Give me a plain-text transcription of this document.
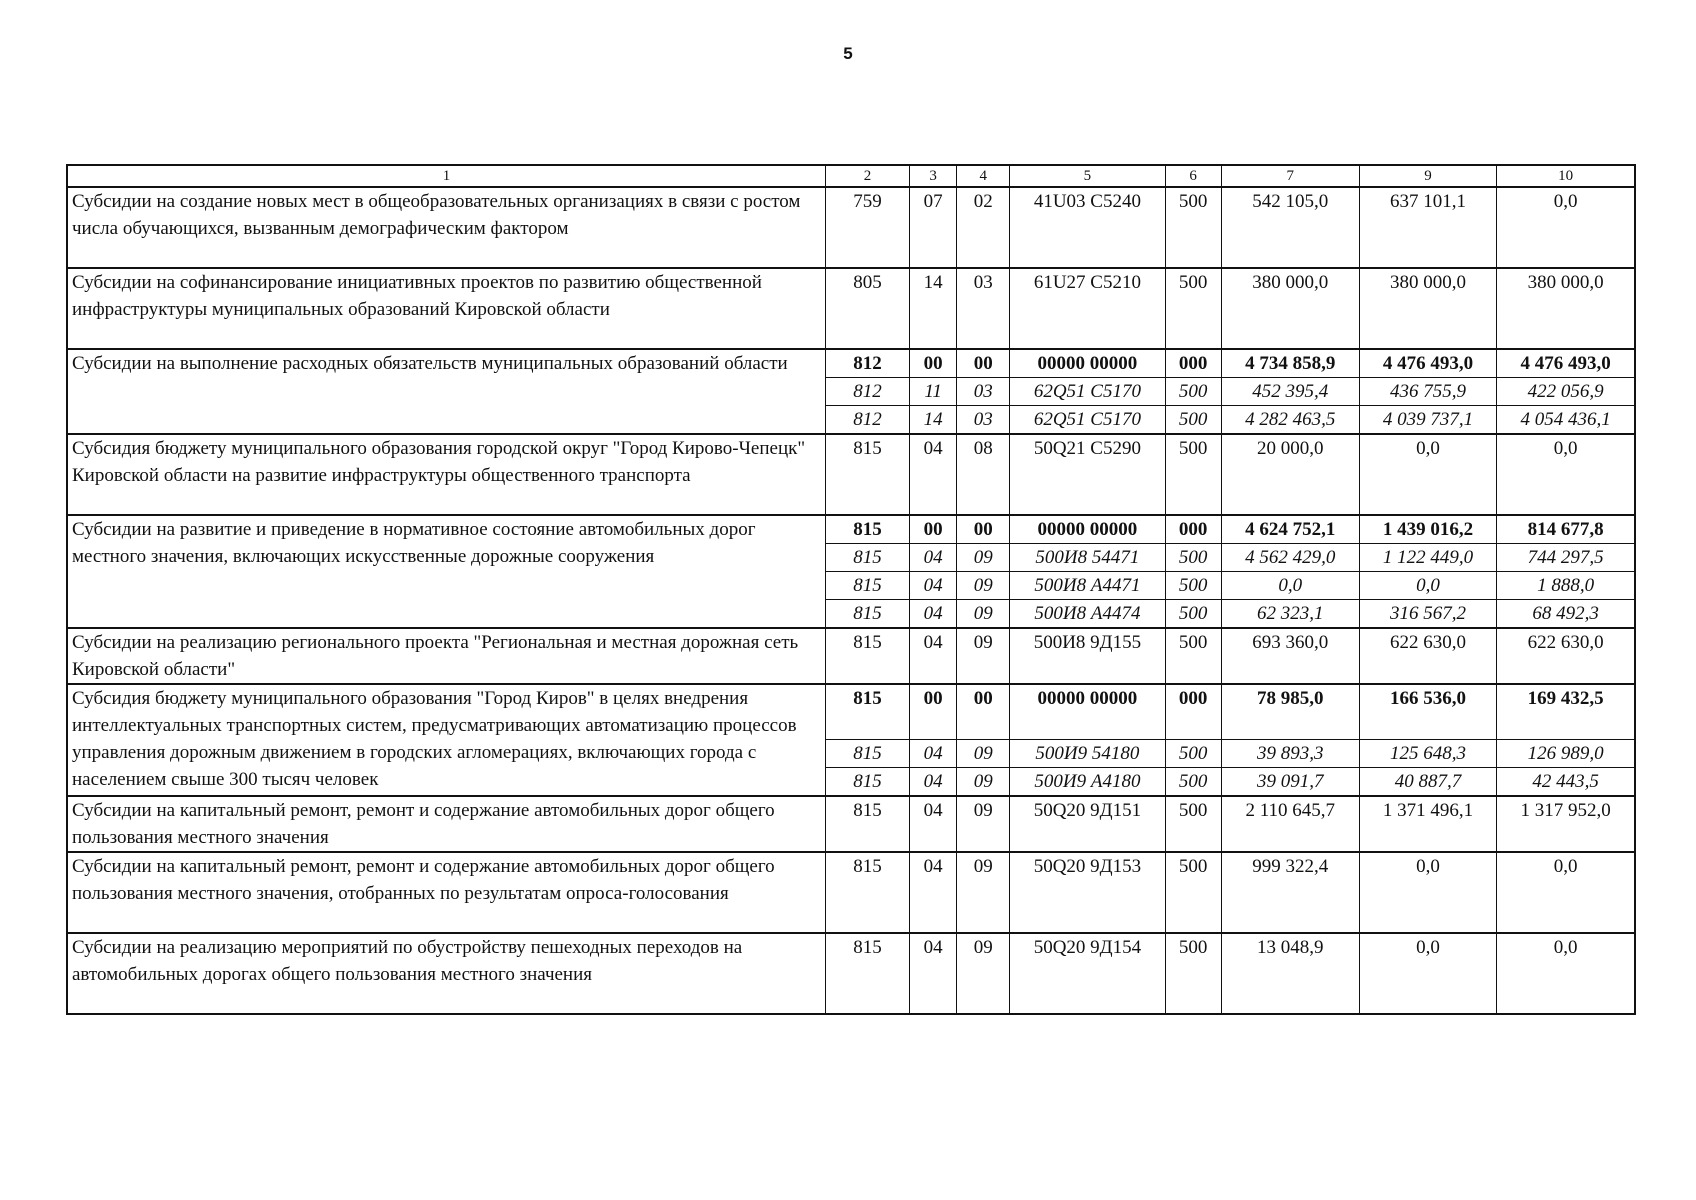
5
1	2	3	4	5	6	7	9	10
Субсидии на создание новых мест в общеобразовательных организациях в связи с ростом числа обучающихся, вызванным демографическим фактором	759	07	02	41U03 C5240	500	542 105,0	637 101,1	0,0
Субсидии на софинансирование инициативных проектов по развитию общественной инфраструктуры муниципальных образований Кировской области	805	14	03	61U27 C5210	500	380 000,0	380 000,0	380 000,0
Субсидии на выполнение расходных обязательств муниципальных образований области	812	00	00	00000 00000	000	4 734 858,9	4 476 493,0	4 476 493,0
	812	11	03	62Q51 C5170	500	452 395,4	436 755,9	422 056,9
	812	14	03	62Q51 C5170	500	4 282 463,5	4 039 737,1	4 054 436,1
Субсидия бюджету муниципального образования городской округ "Город Кирово-Чепецк" Кировской области на развитие инфраструктуры общественного транспорта	815	04	08	50Q21 C5290	500	20 000,0	0,0	0,0
Субсидии на развитие и приведение в нормативное состояние автомобильных дорог местного значения, включающих искусственные дорожные сооружения	815	00	00	00000 00000	000	4 624 752,1	1 439 016,2	814 677,8
	815	04	09	500И8 54471	500	4 562 429,0	1 122 449,0	744 297,5
	815	04	09	500И8 A4471	500	0,0	0,0	1 888,0
	815	04	09	500И8 A4474	500	62 323,1	316 567,2	68 492,3
Субсидии на реализацию регионального проекта "Региональная и местная дорожная сеть Кировской области"	815	04	09	500И8 9Д155	500	693 360,0	622 630,0	622 630,0
Субсидия бюджету муниципального образования "Город Киров" в целях внедрения интеллектуальных транспортных систем, предусматривающих автоматизацию процессов управления дорожным движением в городских агломерациях, включающих города с населением свыше 300 тысяч человек	815	00	00	00000 00000	000	78 985,0	166 536,0	169 432,5
	815	04	09	500И9 54180	500	39 893,3	125 648,3	126 989,0
	815	04	09	500И9 A4180	500	39 091,7	40 887,7	42 443,5
Субсидии на капитальный ремонт, ремонт и содержание автомобильных дорог общего пользования местного значения	815	04	09	50Q20 9Д151	500	2 110 645,7	1 371 496,1	1 317 952,0
Субсидии на капитальный ремонт, ремонт и содержание автомобильных дорог общего пользования местного значения, отобранных по результатам опроса-голосования	815	04	09	50Q20 9Д153	500	999 322,4	0,0	0,0
Субсидии на реализацию мероприятий по обустройству пешеходных переходов на автомобильных дорогах общего пользования местного значения	815	04	09	50Q20 9Д154	500	13 048,9	0,0	0,0
